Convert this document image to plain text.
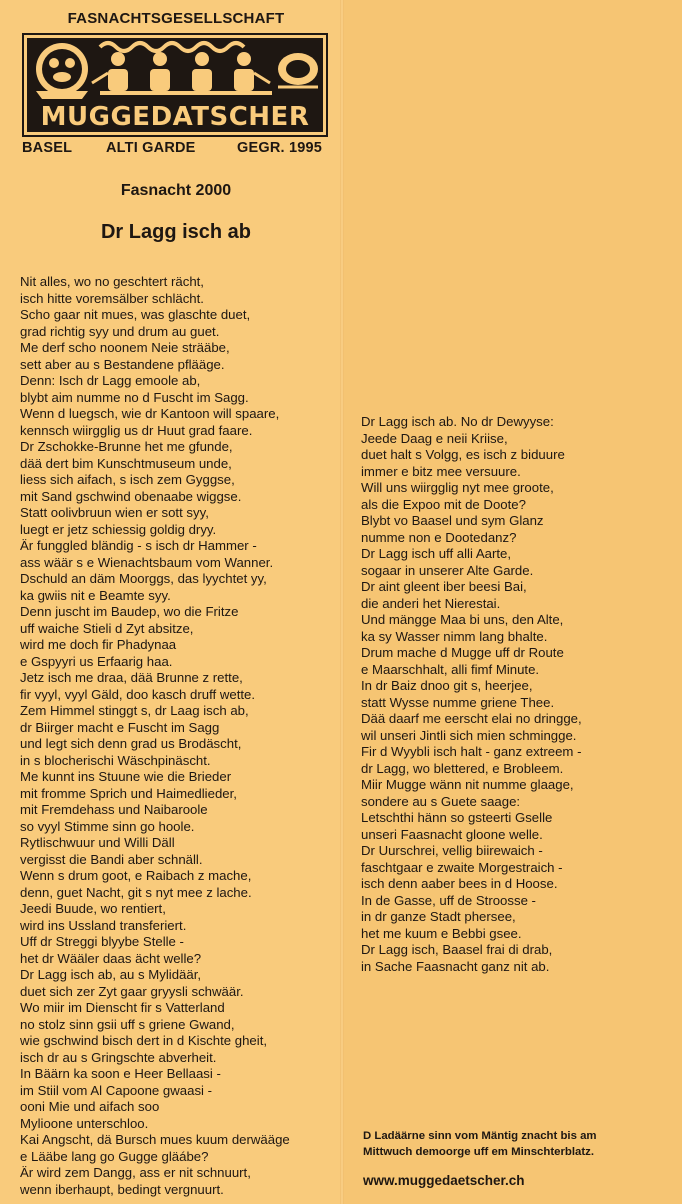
FASNACHTSGESELLSCHAFT
MUGGEDATSCHER
BASEL ALTI GARDE	GEGR. 1995
Fasnacht 2000
Dr Lagg isch ab
Nit alles, wo no geschtert rächt,
isch hitte voremsälber schlächt.
Scho gaar nit mues, was glaschte duet,
grad richtig syy und drum au guet.
Me derf scho noonem Neie strääbe,
sett aber au s Bestandene pflääge.
Denn: Isch dr Lagg emoole ab,
blybt aim numme no d Fuscht im Sagg.
Wenn d luegsch, wie dr Kantoon will spaare,
kennsch wiirgglig us dr Huut grad faare.
Dr Zschokke-Brunne het me gfunde,
dää dert bim Kunschtmuseum unde,
liess sich aifach, s isch zem Gyggse,
mit Sand gschwind obenaabe wiggse.
Statt oolivbruun wien er sott syy,
luegt er jetz schiessig goldig dryy.
Är funggled bländig - s isch dr Hammer -
ass wäär s e Wienachtsbaum vom Wanner.
Dschuld an däm Moorggs, das lyychtet yy,
ka gwiis nit e Beamte syy.
Denn juscht im Baudep, wo die Fritze
uff waiche Stieli d Zyt absitze,
wird me doch fir Phadynaa
e Gspyyri us Erfaarig haa.
Jetz isch me draa, dää Brunne z rette,
fir vyyl, vyyl Gäld, doo kasch druff wette.
Zem Himmel stinggt s, dr Laag isch ab,
dr Biirger macht e Fuscht im Sagg
und legt sich denn grad us Brodäscht,
in s blocherischi Wäschpinäscht.
Me kunnt ins Stuune wie die Brieder
mit fromme Sprich und Haimedlieder,
mit Fremdehass und Naibaroole
so vyyl Stimme sinn go hoole.
Rytlischwuur und Willi Däll
vergisst die Bandi aber schnäll.
Wenn s drum goot, e Raibach z mache,
denn, guet Nacht, git s nyt mee z lache.
Jeedi Buude, wo rentiert,
wird ins Ussland transferiert.
Uff dr Streggi blyybe Stelle -
het dr Wääler daas ächt welle?
Dr Lagg isch ab, au s Mylidäär,
duet sich zer Zyt gaar gryysli schwäär.
Wo miir im Dienscht fir s Vatterland
no stolz sinn gsii uff s griene Gwand,
wie gschwind bisch dert in d Kischte gheit,
isch dr au s Gringschte abverheit.
In Bäärn ka soon e Heer Bellaasi -
im Stiil vom Al Capoone gwaasi -
ooni Mie und aifach soo
Mylioone unterschloo.
Kai Angscht, dä Bursch mues kuum derwääge
e Lääbe lang go Gugge gläábe?
Är wird zem Dangg, ass er nit schnuurt,
wenn iberhaupt, bedingt vergnuurt.
Dr Lagg isch ab. No dr Dewyyse:
Jeede Daag e neii Kriise,
duet halt s Volgg, es isch z biduure
immer e bitz mee versuure.
Will uns wiirgglig nyt mee groote,
als die Expoo mit de Doote?
Blybt vo Baasel und sym Glanz
numme non e Dootedanz?
Dr Lagg isch uff alli Aarte,
sogaar in unserer Alte Garde.
Dr aint gleent iber beesi Bai,
die anderi het Nierestai.
Und mängge Maa bi uns, den Alte,
ka sy Wasser nimm lang bhalte.
Drum mache d Mugge uff dr Route
e Maarschhalt, alli fimf Minute.
In dr Baiz dnoo git s, heerjee,
statt Wysse numme griene Thee.
Dää daarf me eerscht elai no dringge,
wil unseri Jintli sich mien schmingge.
Fir d Wyybli isch halt - ganz extreem -
dr Lagg, wo blettered, e Brobleem.
Miir Mugge wänn nit numme glaage,
sondere au s Guete saage:
Letschthi hänn so gsteerti Gselle
unseri Faasnacht gloone welle.
Dr Uurschrei, vellig biirewaich -
faschtgaar e zwaite Morgestraich -
isch denn aaber bees in d Hoose.
In de Gasse, uff de Stroosse -
in dr ganze Stadt phersee,
het me kuum e Bebbi gsee.
Dr Lagg isch, Baasel frai di drab,
in Sache Faasnacht ganz nit ab.
D Ladäärne sinn vom Mäntig znacht bis am
Mittwuch demoorge uff em Minschterblatz.
www.muggedaetscher.ch
